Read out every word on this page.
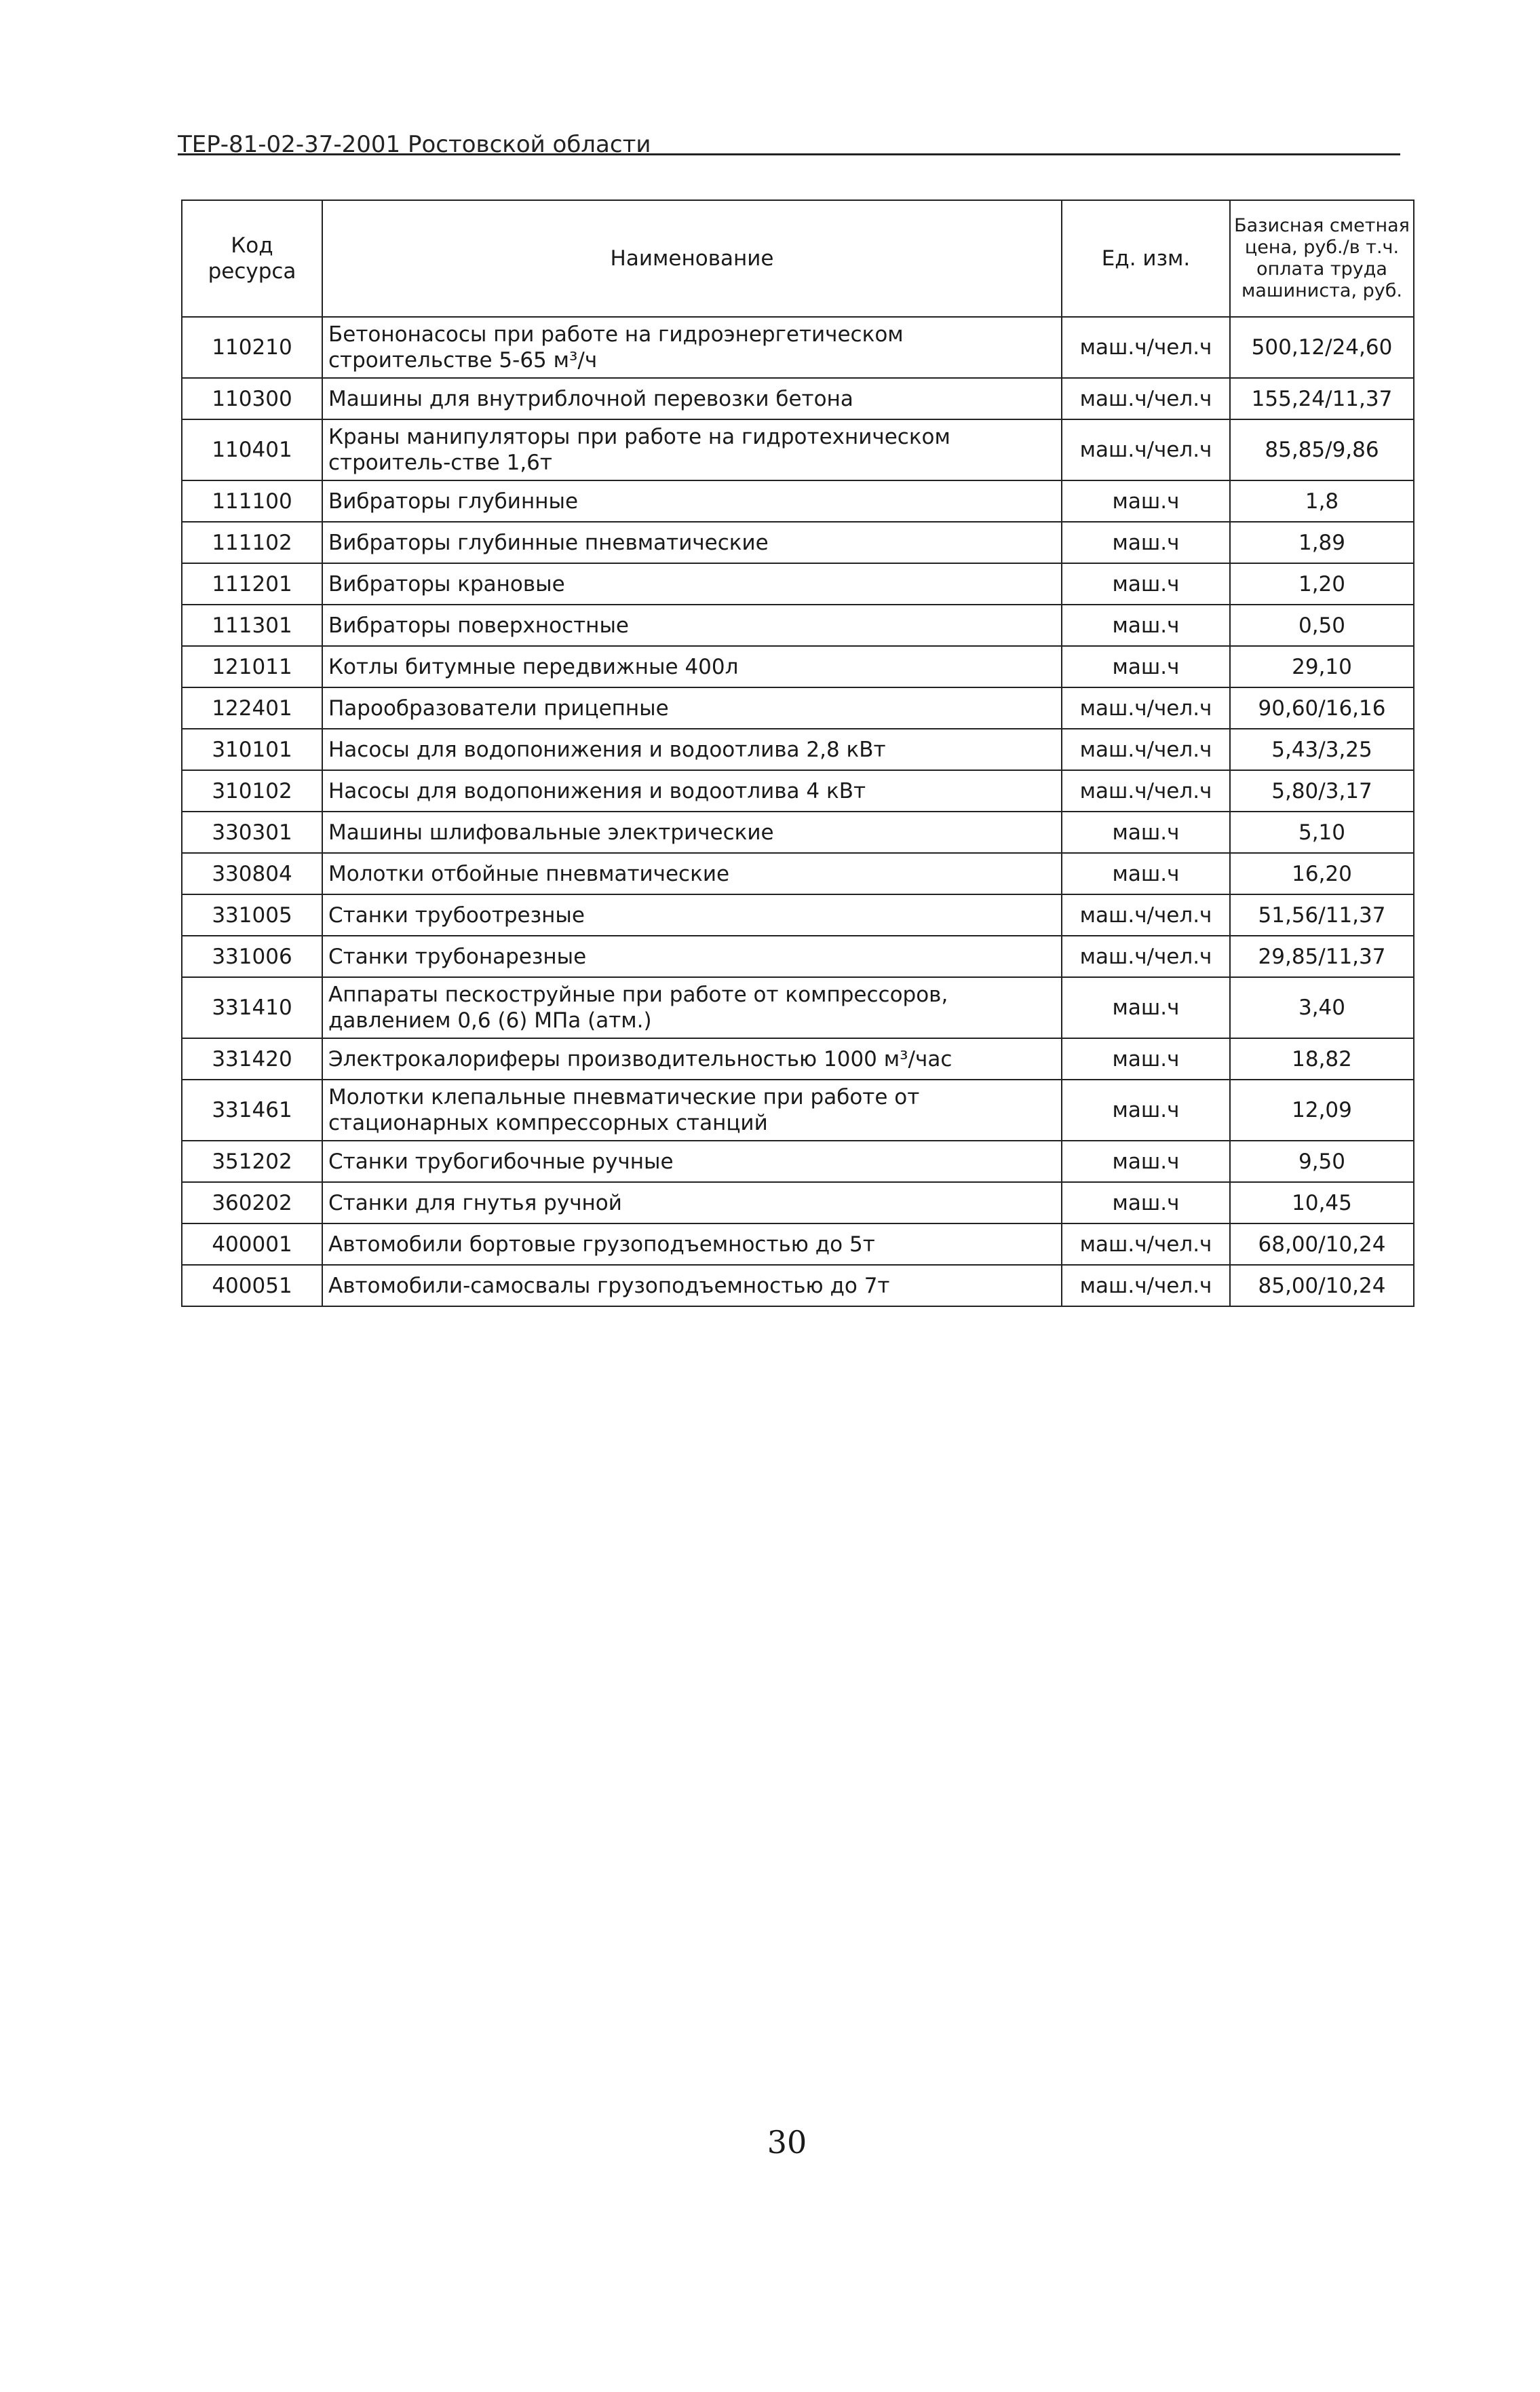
ТЕР-81-02-37-2001 Ростовской области
Код ресурса	Наименование	Ед. изм.	Базисная сметная цена, руб./в т.ч. оплата труда машиниста, руб.
110210	Бетононасосы при работе на гидроэнергетическом строительстве 5-65 м³/ч	маш.ч/чел.ч	500,12/24,60
110300	Машины для внутриблочной перевозки бетона	маш.ч/чел.ч	155,24/11,37
110401	Краны манипуляторы при работе на гидротехническом строитель-стве 1,6т	маш.ч/чел.ч	85,85/9,86
111100	Вибраторы глубинные	маш.ч	1,8
111102	Вибраторы глубинные пневматические	маш.ч	1,89
111201	Вибраторы крановые	маш.ч	1,20
111301	Вибраторы поверхностные	маш.ч	0,50
121011	Котлы битумные передвижные 400л	маш.ч	29,10
122401	Парообразователи прицепные	маш.ч/чел.ч	90,60/16,16
310101	Насосы для водопонижения и водоотлива 2,8 кВт	маш.ч/чел.ч	5,43/3,25
310102	Насосы для водопонижения и водоотлива 4 кВт	маш.ч/чел.ч	5,80/3,17
330301	Машины шлифовальные электрические	маш.ч	5,10
330804	Молотки отбойные пневматические	маш.ч	16,20
331005	Станки трубоотрезные	маш.ч/чел.ч	51,56/11,37
331006	Станки трубонарезные	маш.ч/чел.ч	29,85/11,37
331410	Аппараты пескоструйные при работе от компрессоров, давлением 0,6 (6) МПа (атм.)	маш.ч	3,40
331420	Электрокалориферы производительностью 1000 м³/час	маш.ч	18,82
331461	Молотки клепальные пневматические при работе от стационарных компрессорных станций	маш.ч	12,09
351202	Станки трубогибочные ручные	маш.ч	9,50
360202	Станки для гнутья ручной	маш.ч	10,45
400001	Автомобили бортовые грузоподъемностью до 5т	маш.ч/чел.ч	68,00/10,24
400051	Автомобили-самосвалы грузоподъемностью до 7т	маш.ч/чел.ч	85,00/10,24
30
